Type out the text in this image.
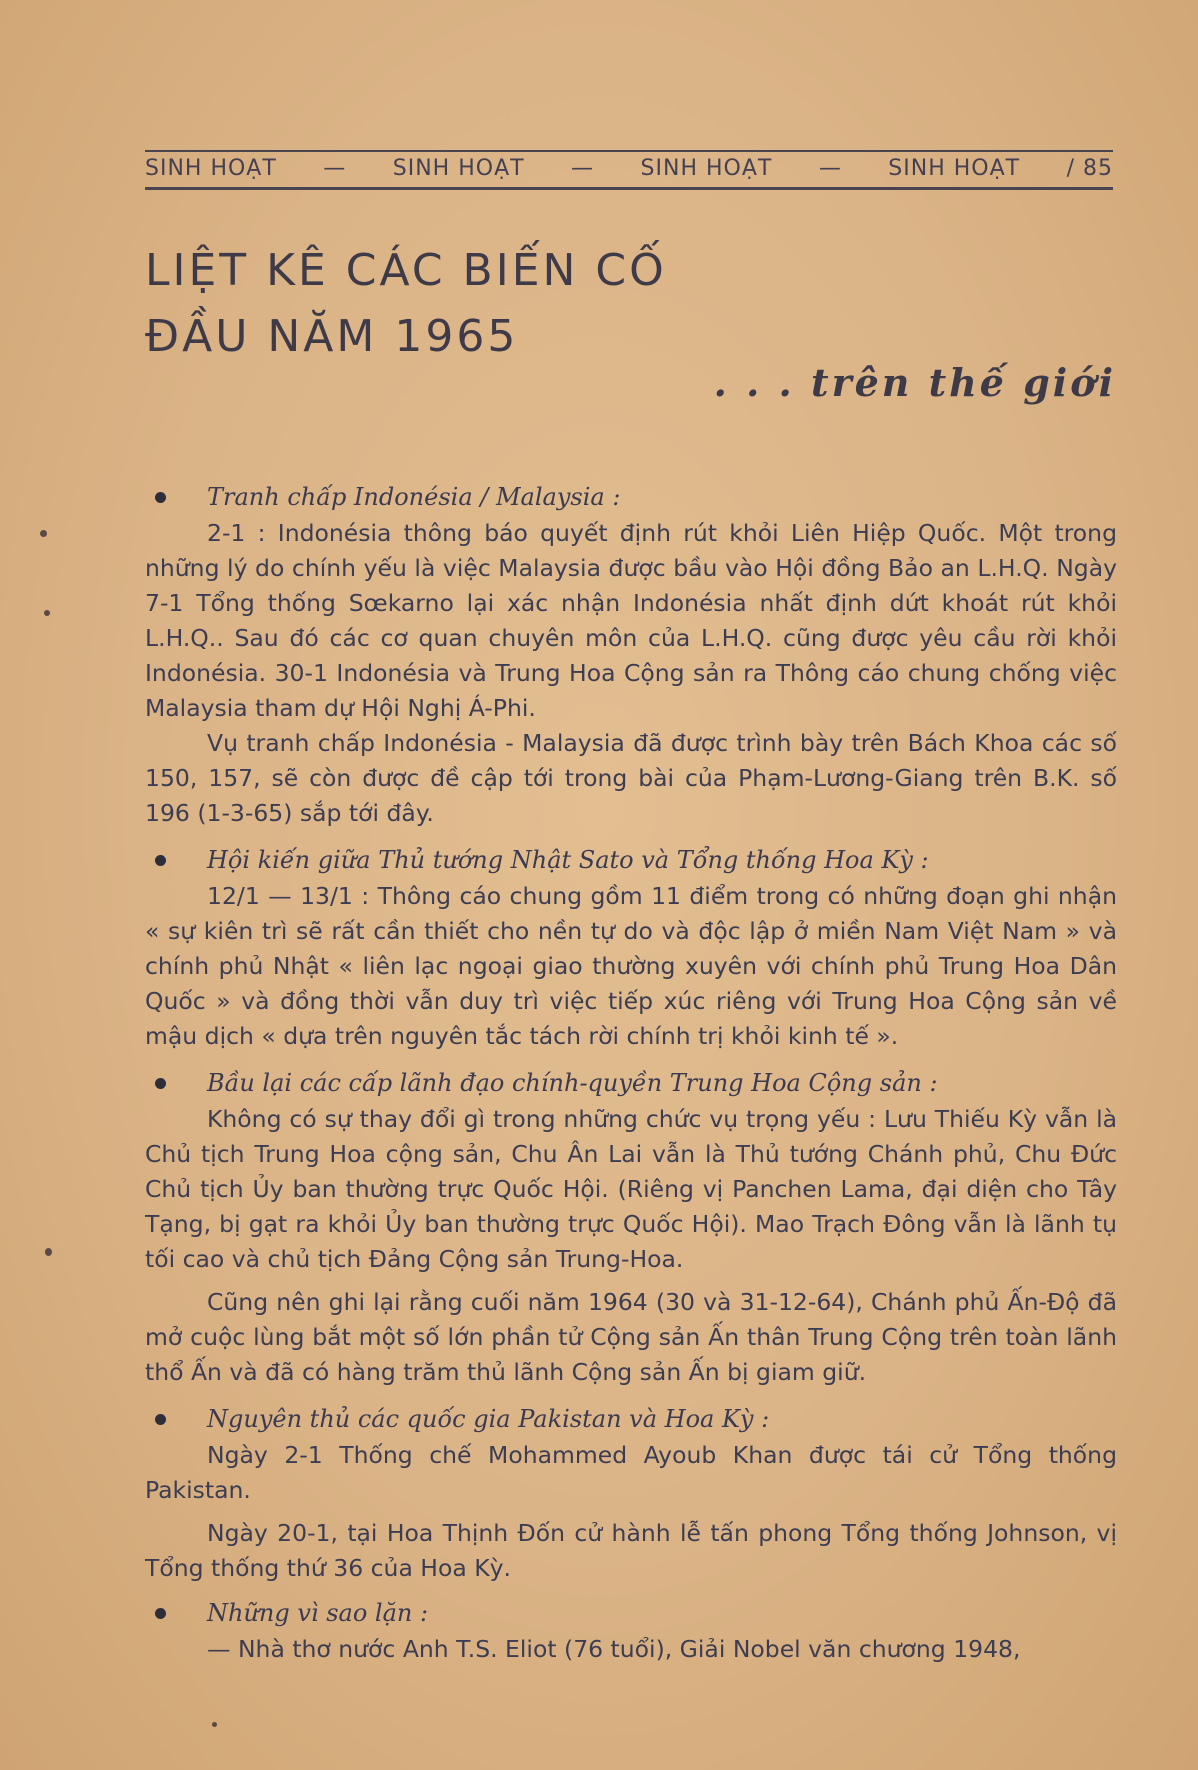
SINH HOẠT — SINH HOẠT — SINH HOẠT — SINH HOẠT / 85
LIỆT KÊ CÁC BIẾN CỐ
ĐẦU NĂM 1965
. . . trên thế giới

Tranh chấp Indonésia / Malaysia :

2-1 : Indonésia thông báo quyết định rút khỏi Liên Hiệp Quốc. Một trong những lý do chính yếu là việc Malaysia được bầu vào Hội đồng Bảo an L.H.Q. Ngày 7-1 Tổng thống Sœkarno lại xác nhận Indonésia nhất định dứt khoát rút khỏi L.H.Q.. Sau đó các cơ quan chuyên môn của L.H.Q. cũng được yêu cầu rời khỏi Indonésia. 30-1 Indonésia và Trung Hoa Cộng sản ra Thông cáo chung chống việc Malaysia tham dự Hội Nghị Á-Phi.

Vụ tranh chấp Indonésia - Malaysia đã được trình bày trên Bách Khoa các số 150, 157, sẽ còn được đề cập tới trong bài của Phạm-Lương-Giang trên B.K. số 196 (1-3-65) sắp tới đây.

Hội kiến giữa Thủ tướng Nhật Sato và Tổng thống Hoa Kỳ :

12/1 — 13/1 : Thông cáo chung gồm 11 điểm trong có những đoạn ghi nhận « sự kiên trì sẽ rất cần thiết cho nền tự do và độc lập ở miền Nam Việt Nam » và chính phủ Nhật « liên lạc ngoại giao thường xuyên với chính phủ Trung Hoa Dân Quốc » và đồng thời vẫn duy trì việc tiếp xúc riêng với Trung Hoa Cộng sản về mậu dịch « dựa trên nguyên tắc tách rời chính trị khỏi kinh tế ».

Bầu lại các cấp lãnh đạo chính-quyền Trung Hoa Cộng sản :

Không có sự thay đổi gì trong những chức vụ trọng yếu : Lưu Thiếu Kỳ vẫn là Chủ tịch Trung Hoa cộng sản, Chu Ân Lai vẫn là Thủ tướng Chánh phủ, Chu Đức Chủ tịch Ủy ban thường trực Quốc Hội. (Riêng vị Panchen Lama, đại diện cho Tây Tạng, bị gạt ra khỏi Ủy ban thường trực Quốc Hội). Mao Trạch Đông vẫn là lãnh tụ tối cao và chủ tịch Đảng Cộng sản Trung-Hoa.

Cũng nên ghi lại rằng cuối năm 1964 (30 và 31-12-64), Chánh phủ Ấn-Độ đã mở cuộc lùng bắt một số lớn phần tử Cộng sản Ấn thân Trung Cộng trên toàn lãnh thổ Ấn và đã có hàng trăm thủ lãnh Cộng sản Ấn bị giam giữ.

Nguyên thủ các quốc gia Pakistan và Hoa Kỳ :

Ngày 2-1 Thống chế Mohammed Ayoub Khan được tái cử Tổng thống Pakistan.

Ngày 20-1, tại Hoa Thịnh Đốn cử hành lễ tấn phong Tổng thống Johnson, vị Tổng thống thứ 36 của Hoa Kỳ.

Những vì sao lặn :

— Nhà thơ nước Anh T.S. Eliot (76 tuổi), Giải Nobel văn chương 1948,
